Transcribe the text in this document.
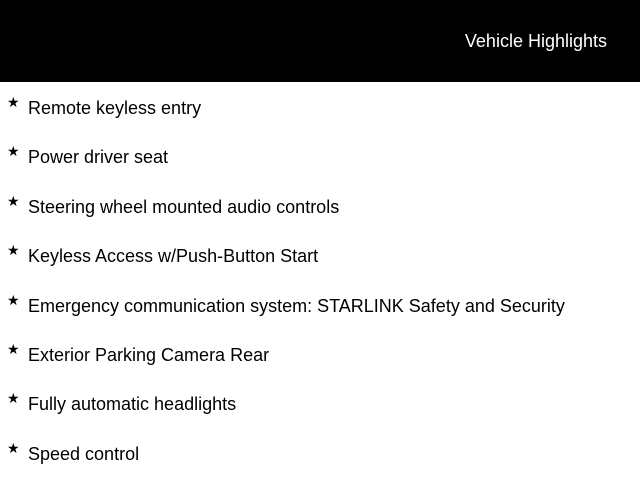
Vehicle Highlights
★ Remote keyless entry
★ Power driver seat
★ Steering wheel mounted audio controls
★ Keyless Access w/Push-Button Start
★ Emergency communication system: STARLINK Safety and Security
★ Exterior Parking Camera Rear
★ Fully automatic headlights
★ Speed control
